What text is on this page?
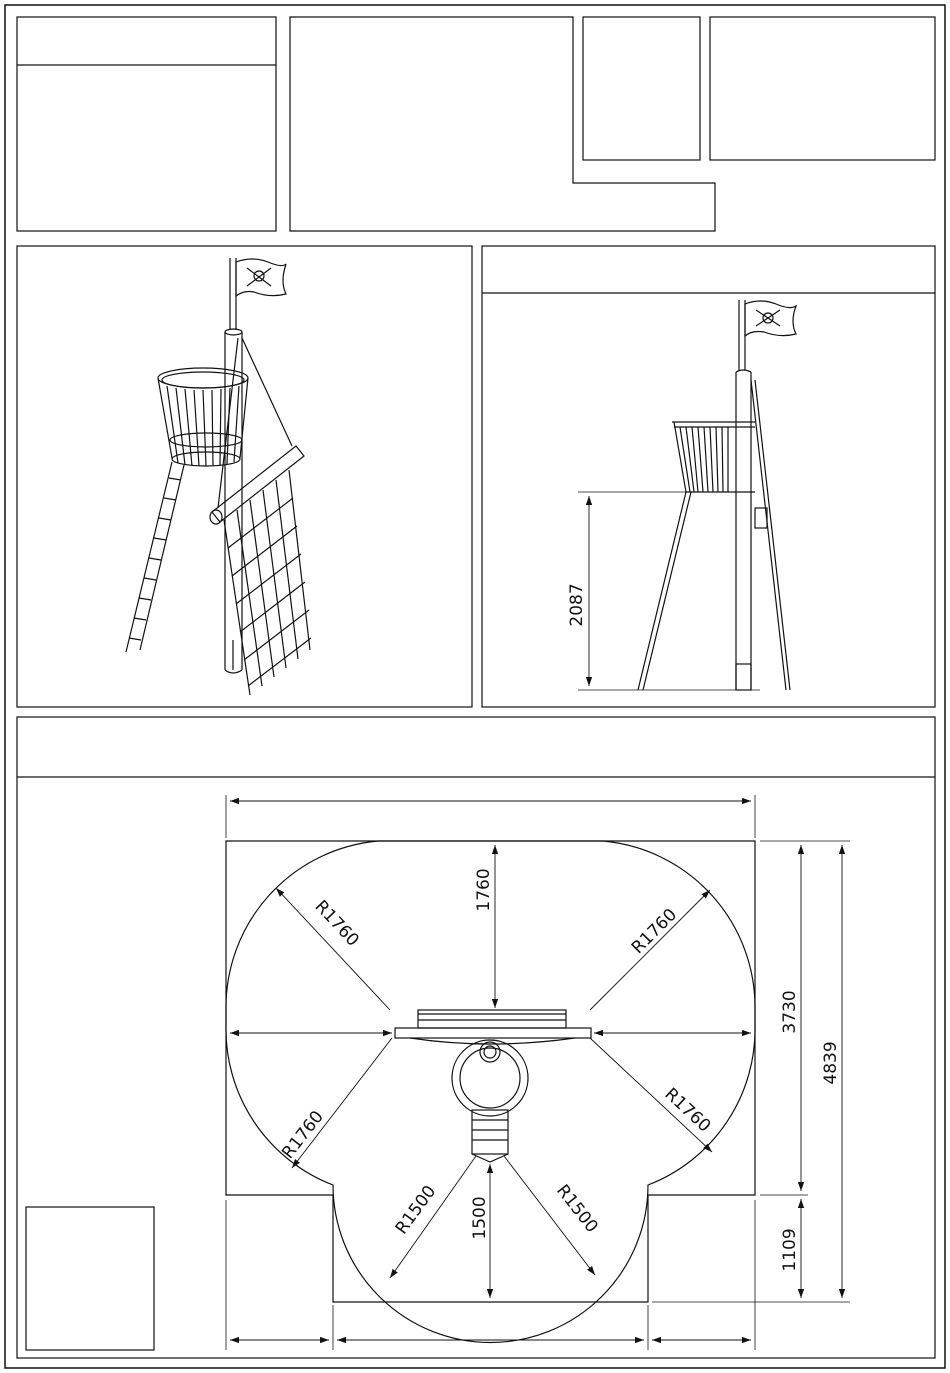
2087
1760
1500
3730
1109
4839
R1760	R1760
R1760	R1760
R1500	R1500
